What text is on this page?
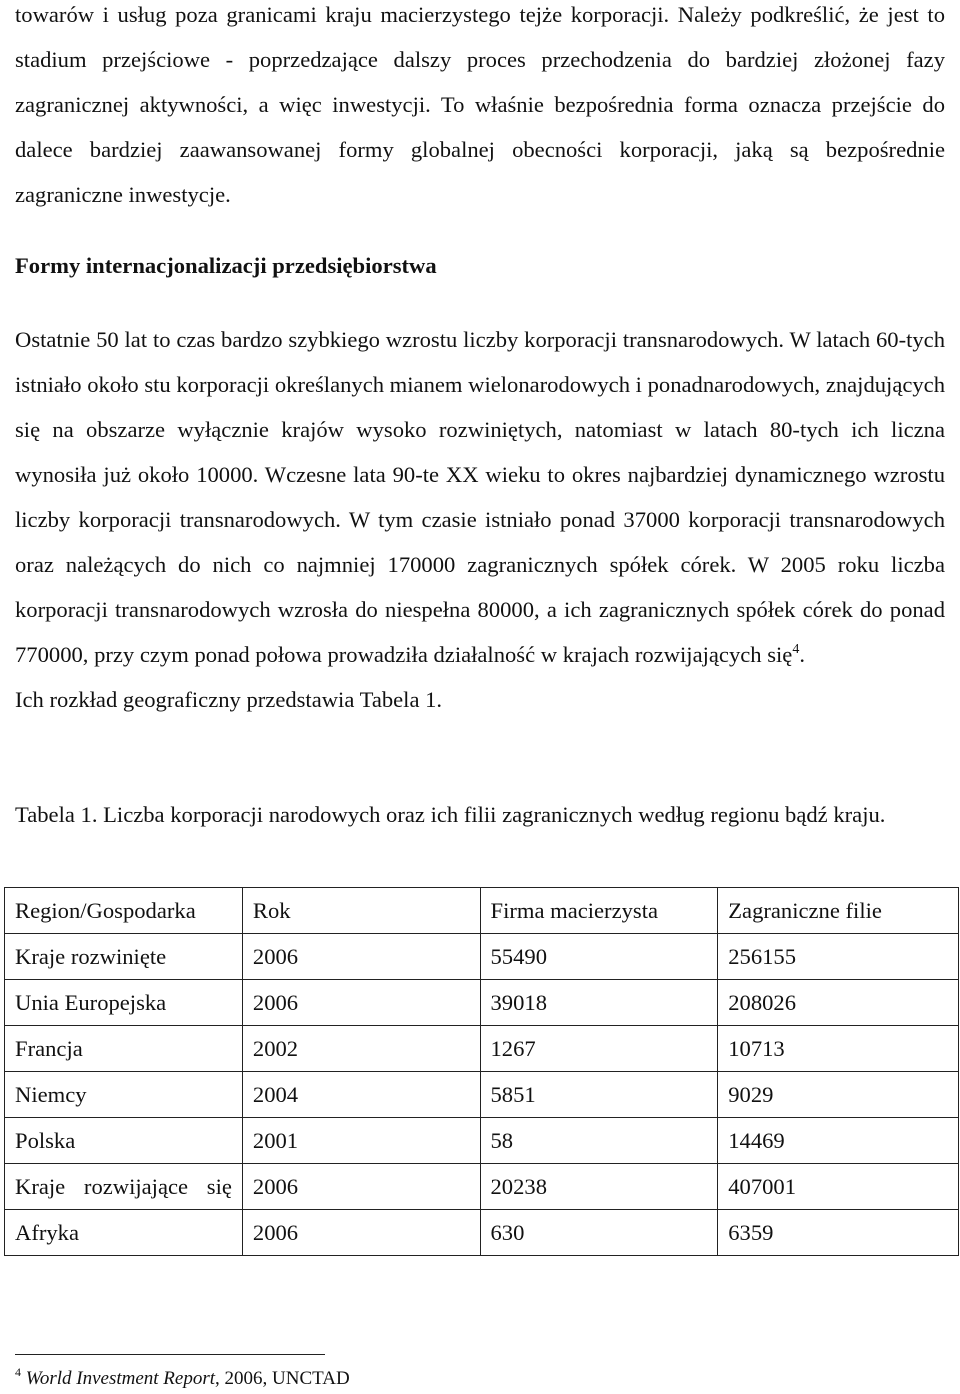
towarów i usług poza granicami kraju macierzystego tejże korporacji. Należy podkreślić, że jest to stadium przejściowe - poprzedzające dalszy proces przechodzenia do bardziej złożonej fazy zagranicznej aktywności, a więc inwestycji. To właśnie bezpośrednia forma oznacza przejście do dalece bardziej zaawansowanej formy globalnej obecności korporacji, jaką są bezpośrednie zagraniczne inwestycje.

Formy internacjonalizacji przedsiębiorstwa

Ostatnie 50 lat to czas bardzo szybkiego wzrostu liczby korporacji transnarodowych. W latach 60-tych istniało około stu korporacji określanych mianem wielonarodowych i ponadnarodowych, znajdujących się na obszarze wyłącznie krajów wysoko rozwiniętych, natomiast w latach 80-tych ich liczna wynosiła już około 10000. Wczesne lata 90-te XX wieku to okres najbardziej dynamicznego wzrostu liczby korporacji transnarodowych. W tym czasie istniało ponad 37000 korporacji transnarodowych oraz należących do nich co najmniej 170000 zagranicznych spółek córek. W 2005 roku liczba korporacji transnarodowych wzrosła do niespełna 80000, a ich zagranicznych spółek córek do ponad 770000, przy czym ponad połowa prowadziła działalność w krajach rozwijających się$^4$.
Ich rozkład geograficzny przedstawia Tabela 1.

Tabela 1. Liczba korporacji narodowych oraz ich filii zagranicznych według regionu bądź kraju.

Region/Gospodarka	Rok	Firma macierzysta	Zagraniczne filie
Kraje rozwinięte	2006	55490	256155
Unia Europejska	2006	39018	208026
Francja	2002	1267	10713
Niemcy	2004	5851	9029
Polska	2001	58	14469
Kraje rozwijające się	2006	20238	407001
Afryka	2006	630	6359

$^4$ World Investment Report, 2006, UNCTAD
